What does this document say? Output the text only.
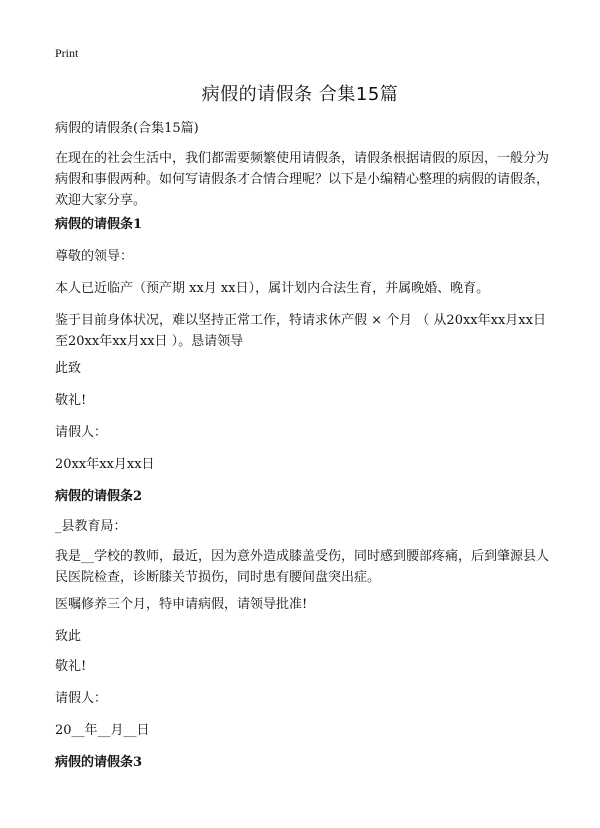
Print
病假的请假条 合集15篇

病假的请假条(合集15篇)

在现在的社会生活中，我们都需要频繁使用请假条，请假条根据请假的原因，一般分为病假和事假两种。如何写请假条才合情合理呢？以下是小编精心整理的病假的请假条，欢迎大家分享。

病假的请假条1

尊敬的领导：

本人已近临产（预产期 xx月 xx日），属计划内合法生育，并属晚婚、晚育。

鉴于目前身体状况，难以坚持正常工作，特请求休产假 × 个月 （ 从20xx年xx月xx日至20xx年xx月xx日 ）。恳请领导

此致

敬礼!

请假人：

20xx年xx月xx日

病假的请假条2

_县教育局：

我是__学校的教师，最近，因为意外造成膝盖受伤，同时感到腰部疼痛，后到肇源县人民医院检查，诊断膝关节损伤，同时患有腰间盘突出症。

医嘱修养三个月，特申请病假，请领导批准!

致此

敬礼!

请假人：

20__年__月__日

病假的请假条3
